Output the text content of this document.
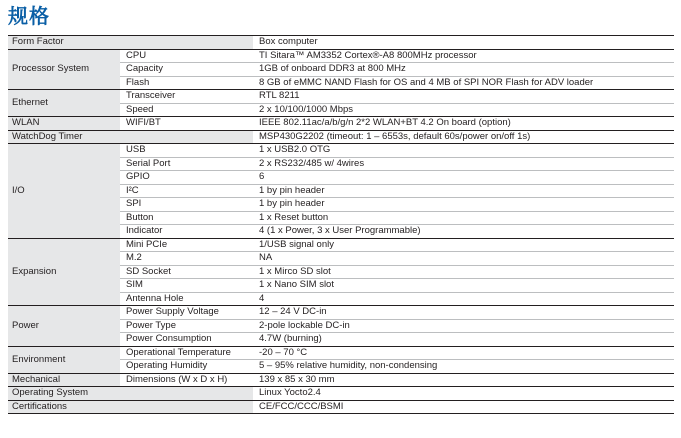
规格
Form Factor		Box computer
Processor System	CPU	TI Sitara™ AM3352 Cortex®-A8 800MHz processor
	Capacity	1GB of onboard DDR3 at 800 MHz
	Flash	8 GB of eMMC NAND Flash for OS and 4 MB of SPI NOR Flash for ADV loader
Ethernet	Transceiver	RTL 8211
	Speed	2 x 10/100/1000 Mbps
WLAN	WIFI/BT	IEEE 802.11ac/a/b/g/n 2*2 WLAN+BT 4.2 On board (option)
WatchDog Timer		MSP430G2202 (timeout: 1 – 6553s, default 60s/power on/off 1s)
I/O	USB	1 x USB2.0 OTG
	Serial Port	2 x RS232/485 w/ 4wires
	GPIO	6
	I²C	1 by pin header
	SPI	1 by pin header
	Button	1 x Reset button
	Indicator	4 (1 x Power, 3 x User Programmable)
Expansion	Mini PCIe	1/USB signal only
	M.2	NA
	SD Socket	1 x Mirco SD slot
	SIM	1 x Nano SIM slot
	Antenna Hole	4
Power	Power Supply Voltage	12 – 24 V DC-in
	Power Type	2-pole lockable DC-in
	Power Consumption	4.7W (burning)
Environment	Operational Temperature	-20 – 70 °C
	Operating Humidity	5 – 95% relative humidity, non-condensing
Mechanical	Dimensions (W x D x H)	139 x 85 x 30 mm
Operating System		Linux Yocto2.4
Certifications		CE/FCC/CCC/BSMI
